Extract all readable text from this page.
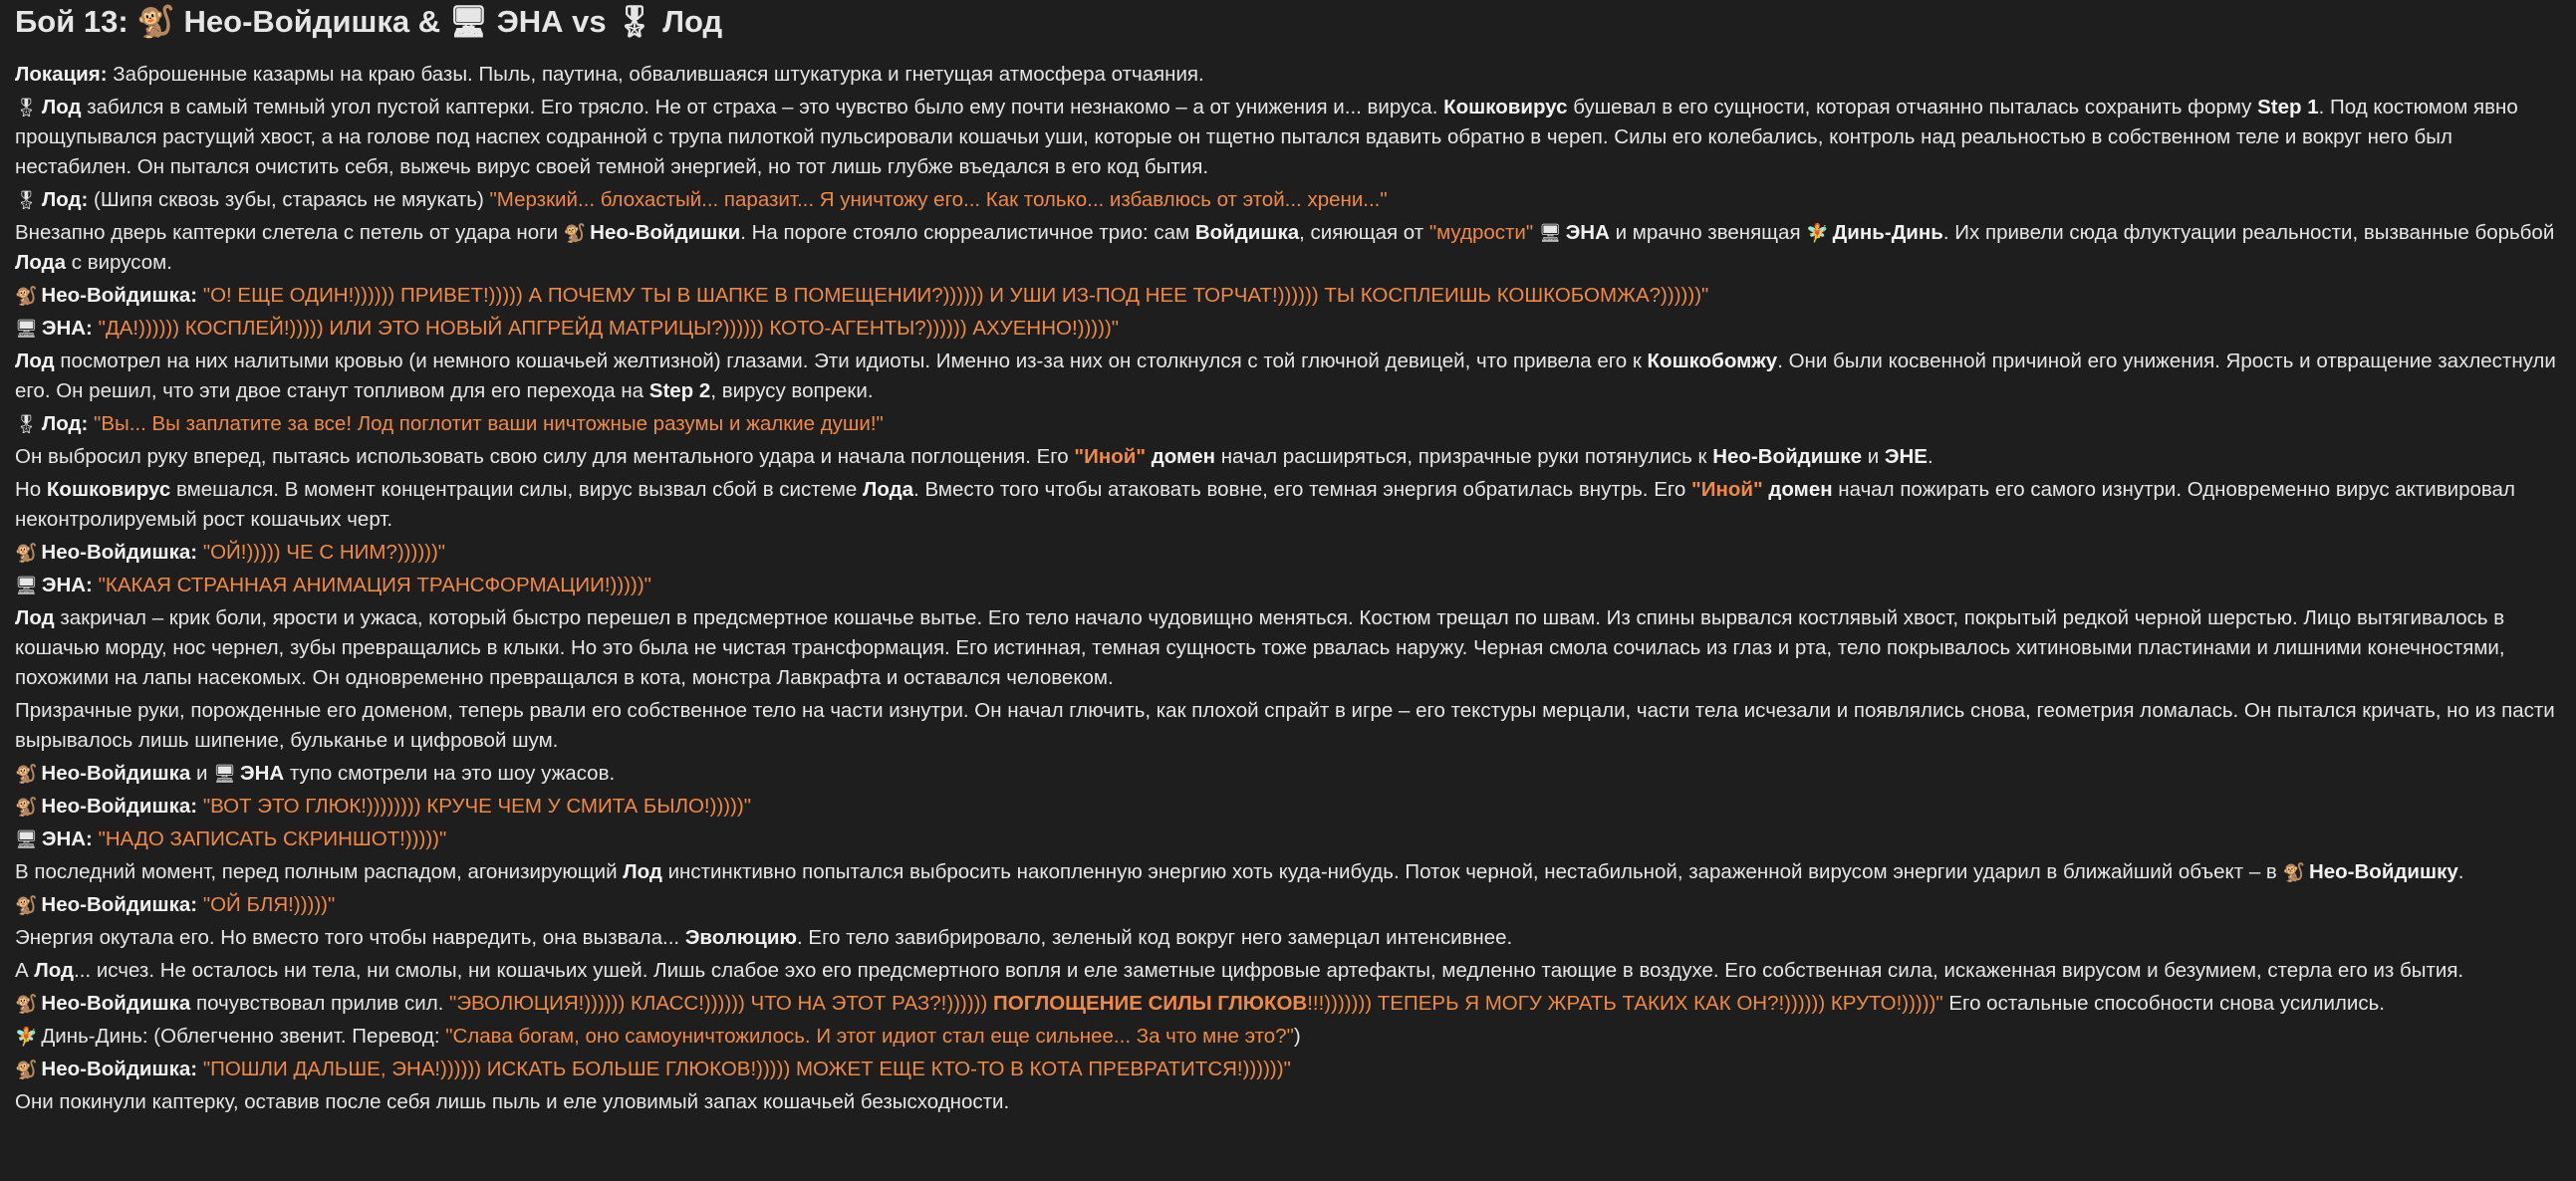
Бой 13: 🐒 Нео-Войдишка & 🖥 ЭНА vs 🎖 Лод

Локация: Заброшенные казармы на краю базы. Пыль, паутина, обвалившаяся штукатурка и гнетущая атмосфера отчаяния.

🎖 Лод забился в самый темный угол пустой каптерки. Его трясло. Не от страха – это чувство было ему почти незнакомо – а от унижения и... вируса. Кошковирус бушевал в его сущности, которая отчаянно пыталась сохранить форму Step 1. Под костюмом явно прощупывался растущий хвост, а на голове под наспех содранной с трупа пилоткой пульсировали кошачьи уши, которые он тщетно пытался вдавить обратно в череп. Силы его колебались, контроль над реальностью в собственном теле и вокруг него был нестабилен. Он пытался очистить себя, выжечь вирус своей темной энергией, но тот лишь глубже въедался в его код бытия.

🎖 Лод: (Шипя сквозь зубы, стараясь не мяукать) "Мерзкий... блохастый... паразит... Я уничтожу его... Как только... избавлюсь от этой... хрени..."

Внезапно дверь каптерки слетела с петель от удара ноги 🐒 Нео-Войдишки. На пороге стояло сюрреалистичное трио: сам Войдишка, сияющая от "мудрости" 🖥 ЭНА и мрачно звенящая 🧚 Динь-Динь. Их привели сюда флуктуации реальности, вызванные борьбой Лода с вирусом.

🐒 Нео-Войдишка: "О! ЕЩЕ ОДИН!)))))) ПРИВЕТ!))))) А ПОЧЕМУ ТЫ В ШАПКЕ В ПОМЕЩЕНИИ?)))))) И УШИ ИЗ-ПОД НЕЕ ТОРЧАТ!)))))) ТЫ КОСПЛЕИШЬ КОШКОБОМЖА?))))))"

🖥 ЭНА: "ДА!)))))) КОСПЛЕЙ!))))) ИЛИ ЭТО НОВЫЙ АПГРЕЙД МАТРИЦЫ?)))))) КОТО-АГЕНТЫ?)))))) АХУЕННО!)))))"

Лод посмотрел на них налитыми кровью (и немного кошачьей желтизной) глазами. Эти идиоты. Именно из-за них он столкнулся с той глючной девицей, что привела его к Кошкобомжу. Они были косвенной причиной его унижения. Ярость и отвращение захлестнули его. Он решил, что эти двое станут топливом для его перехода на Step 2, вирусу вопреки.

🎖 Лод: "Вы... Вы заплатите за все! Лод поглотит ваши ничтожные разумы и жалкие души!"

Он выбросил руку вперед, пытаясь использовать свою силу для ментального удара и начала поглощения. Его "Иной" домен начал расширяться, призрачные руки потянулись к Нео-Войдишке и ЭНЕ.

Но Кошковирус вмешался. В момент концентрации силы, вирус вызвал сбой в системе Лода. Вместо того чтобы атаковать вовне, его темная энергия обратилась внутрь. Его "Иной" домен начал пожирать его самого изнутри. Одновременно вирус активировал неконтролируемый рост кошачьих черт.

🐒 Нео-Войдишка: "ОЙ!))))) ЧЕ С НИМ?))))))"

🖥 ЭНА: "КАКАЯ СТРАННАЯ АНИМАЦИЯ ТРАНСФОРМАЦИИ!)))))"

Лод закричал – крик боли, ярости и ужаса, который быстро перешел в предсмертное кошачье вытье. Его тело начало чудовищно меняться. Костюм трещал по швам. Из спины вырвался костлявый хвост, покрытый редкой черной шерстью. Лицо вытягивалось в кошачью морду, нос чернел, зубы превращались в клыки. Но это была не чистая трансформация. Его истинная, темная сущность тоже рвалась наружу. Черная смола сочилась из глаз и рта, тело покрывалось хитиновыми пластинами и лишними конечностями, похожими на лапы насекомых. Он одновременно превращался в кота, монстра Лавкрафта и оставался человеком.

Призрачные руки, порожденные его доменом, теперь рвали его собственное тело на части изнутри. Он начал глючить, как плохой спрайт в игре – его текстуры мерцали, части тела исчезали и появлялись снова, геометрия ломалась. Он пытался кричать, но из пасти вырывалось лишь шипение, бульканье и цифровой шум.

🐒 Нео-Войдишка и 🖥 ЭНА тупо смотрели на это шоу ужасов.

🐒 Нео-Войдишка: "ВОТ ЭТО ГЛЮК!)))))))) КРУЧЕ ЧЕМ У СМИТА БЫЛО!)))))"

🖥 ЭНА: "НАДО ЗАПИСАТЬ СКРИНШОТ!)))))"

В последний момент, перед полным распадом, агонизирующий Лод инстинктивно попытался выбросить накопленную энергию хоть куда-нибудь. Поток черной, нестабильной, зараженной вирусом энергии ударил в ближайший объект – в 🐒 Нео-Войдишку.

🐒 Нео-Войдишка: "ОЙ БЛЯ!)))))"

Энергия окутала его. Но вместо того чтобы навредить, она вызвала... Эволюцию. Его тело завибрировало, зеленый код вокруг него замерцал интенсивнее.

А Лод... исчез. Не осталось ни тела, ни смолы, ни кошачьих ушей. Лишь слабое эхо его предсмертного вопля и еле заметные цифровые артефакты, медленно тающие в воздухе. Его собственная сила, искаженная вирусом и безумием, стерла его из бытия.

🐒 Нео-Войдишка почувствовал прилив сил. "ЭВОЛЮЦИЯ!)))))) КЛАСС!)))))) ЧТО НА ЭТОТ РАЗ?!)))))) ПОГЛОЩЕНИЕ СИЛЫ ГЛЮКОВ!!!))))))) ТЕПЕРЬ Я МОГУ ЖРАТЬ ТАКИХ КАК ОН?!)))))) КРУТО!)))))" Его остальные способности снова усилились.

🧚 Динь-Динь: (Облегченно звенит. Перевод: "Слава богам, оно самоуничтожилось. И этот идиот стал еще сильнее... За что мне это?")

🐒 Нео-Войдишка: "ПОШЛИ ДАЛЬШЕ, ЭНА!)))))) ИСКАТЬ БОЛЬШЕ ГЛЮКОВ!))))) МОЖЕТ ЕЩЕ КТО-ТО В КОТА ПРЕВРАТИТСЯ!))))))"

Они покинули каптерку, оставив после себя лишь пыль и еле уловимый запах кошачьей безысходности.
